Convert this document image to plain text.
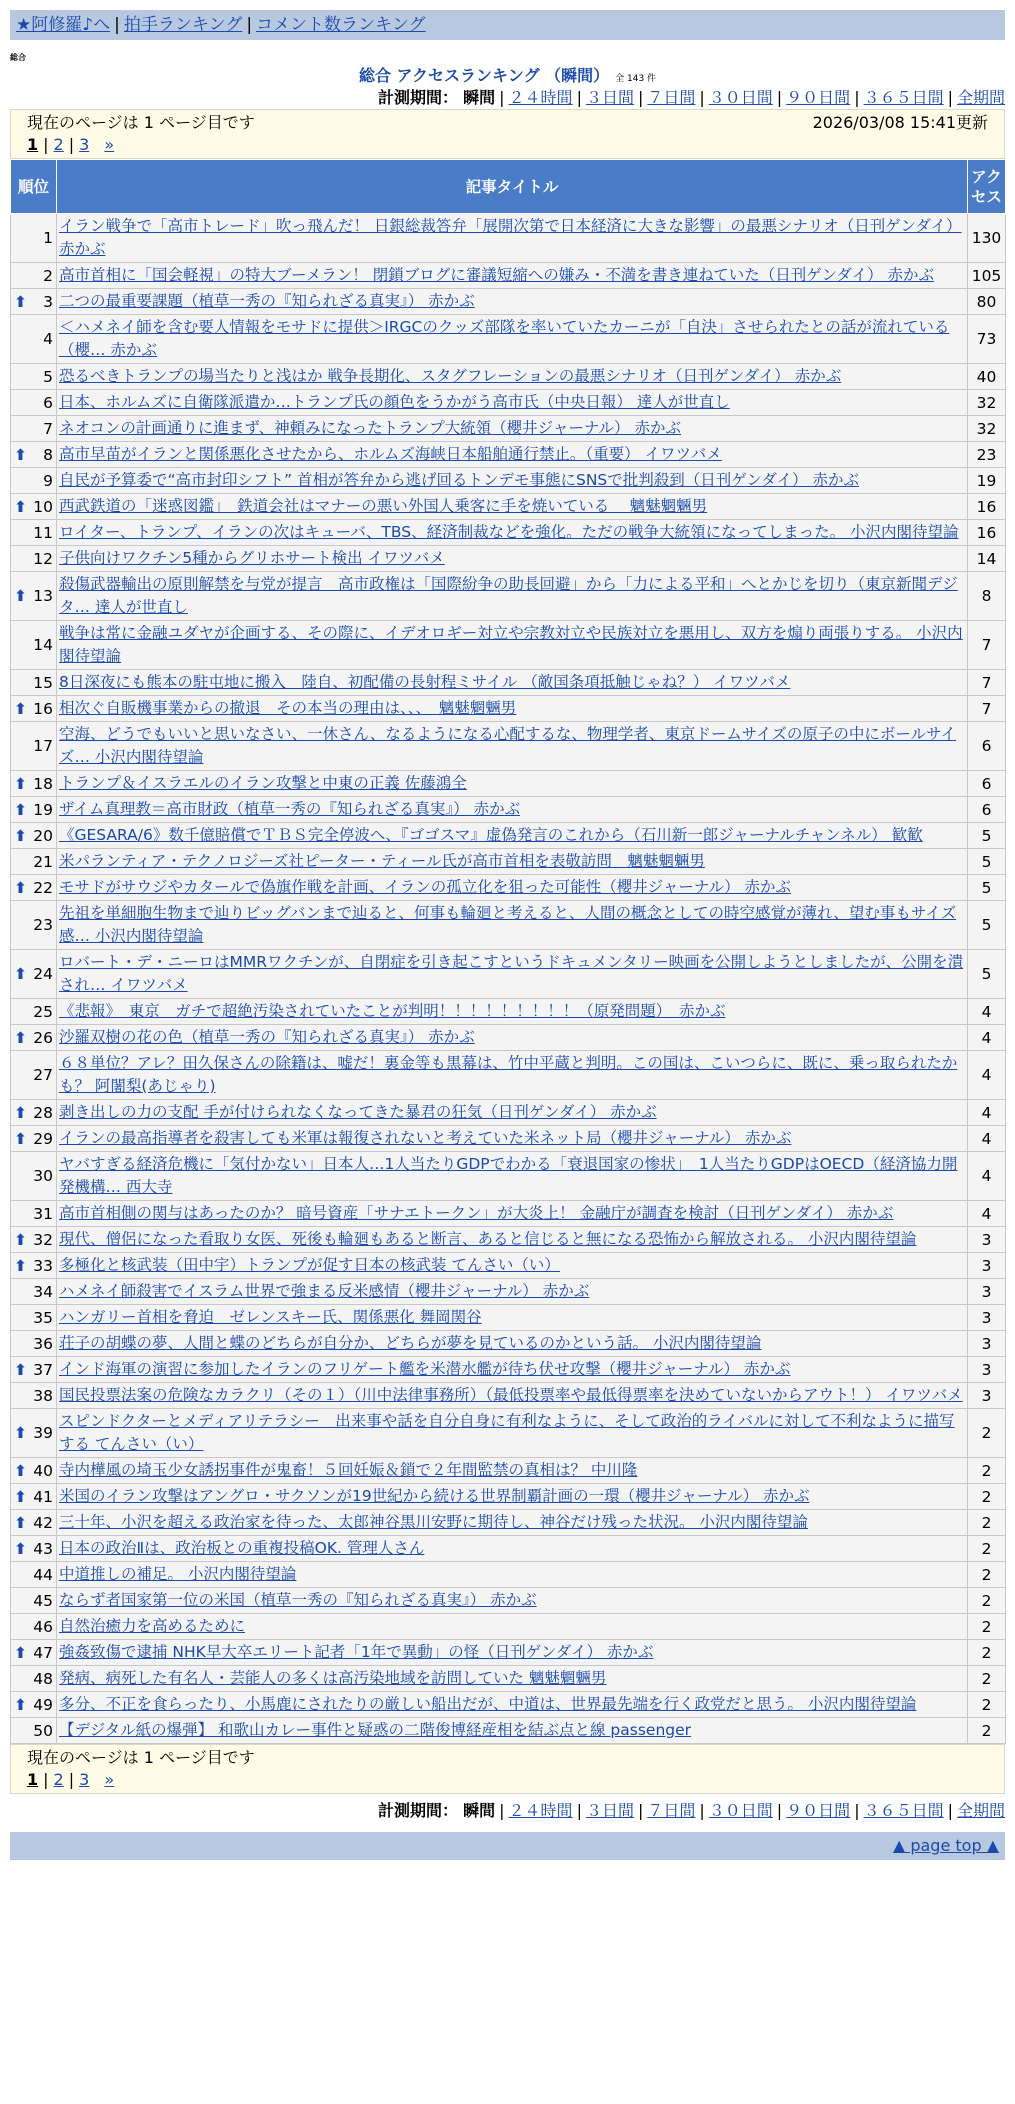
★阿修羅♪へ | 拍手ランキング | コメント数ランキング
総合
総合 アクセスランキング （瞬間） 全 143 件
計測期間： 瞬間 | ２４時間 | ３日間 | ７日間 | ３０日間 | ９０日間 | ３６５日間 | 全期間
現在のページは 1 ページ目です	2026/03/08 15:41更新
1 | 2 | 3 »
順位	記事タイトル	アクセス
1	イラン戦争で「高市トレード」吹っ飛んだ！ 日銀総裁答弁「展開次第で日本経済に大きな影響」の最悪シナリオ（日刊ゲンダイ） 赤かぶ	130
2	高市首相に「国会軽視」の特大ブーメラン！ 閉鎖ブログに審議短縮への嫌み・不満を書き連ねていた（日刊ゲンダイ） 赤かぶ	105

⬆ 3	二つの最重要課題（植草一秀の『知られざる真実』） 赤かぶ	80
4	＜ハメネイ師を含む要人情報をモサドに提供＞IRGCのクッズ部隊を率いていたカーニが「自決」させられたとの話が流れている（櫻… 赤かぶ	73
5	恐るべきトランプの場当たりと浅はか 戦争長期化、スタグフレーションの最悪シナリオ（日刊ゲンダイ） 赤かぶ	40
6	日本、ホルムズに自衛隊派遣か…トランプ氏の顔色をうかがう高市氏（中央日報） 達人が世直し	32
7	ネオコンの計画通りに進まず、神頼みになったトランプ大統領（櫻井ジャーナル） 赤かぶ	32

⬆ 8	高市早苗がイランと関係悪化させたから、ホルムズ海峡日本船舶通行禁止。（重要） イワツバメ	23
9	自民が予算委で“高市封印シフト” 首相が答弁から逃げ回るトンデモ事態にSNSで批判殺到（日刊ゲンダイ） 赤かぶ	19

⬆ 10	西武鉄道の「迷惑図鑑」　鉄道会社はマナーの悪い外国人乗客に手を焼いている　 魑魅魍魎男	16
11	ロイター、トランプ、イランの次はキューバ、TBS、経済制裁などを強化。ただの戦争大統領になってしまった。 小沢内閣待望論	16
12	子供向けワクチン5種からグリホサート検出 イワツバメ	14

⬆ 13	殺傷武器輸出の原則解禁を与党が提言　高市政権は「国際紛争の助長回避」から「力による平和」へとかじを切り（東京新聞デジタ… 達人が世直し	8
14	戦争は常に金融ユダヤが企画する、その際に、イデオロギー対立や宗教対立や民族対立を悪用し、双方を煽り両張りする。 小沢内閣待望論	7
15	8日深夜にも熊本の駐屯地に搬入　陸自、初配備の長射程ミサイル （敵国条項抵触じゃね？） イワツバメ	7

⬆ 16	相次ぐ自販機事業からの撤退　その本当の理由は、、、　魑魅魍魎男	7
17	空海、どうでもいいと思いなさい、一休さん、なるようになる心配するな、物理学者、東京ドームサイズの原子の中にボールサイズ… 小沢内閣待望論	6

⬆ 18	トランプ＆イスラエルのイラン攻撃と中東の正義 佐藤鴻全	6

⬆ 19	ザイム真理教＝高市財政（植草一秀の『知られざる真実』） 赤かぶ	6

⬆ 20	《GESARA/6》数千億賠償でＴＢＳ完全停波へ、『ゴゴスマ』虚偽発言のこれから（石川新一郎ジャーナルチャンネル） 歓歓	5
21	米パランティア・テクノロジーズ社ピーター・ティール氏が高市首相を表敬訪問　魑魅魍魎男	5

⬆ 22	モサドがサウジやカタールで偽旗作戦を計画、イランの孤立化を狙った可能性（櫻井ジャーナル） 赤かぶ	5
23	先祖を単細胞生物まで辿りビッグバンまで辿ると、何事も輪廻と考えると、人間の概念としての時空感覚が薄れ、望む事もサイズ感… 小沢内閣待望論	5

⬆ 24	ロバート・デ・ニーロはMMRワクチンが、自閉症を引き起こすというドキュメンタリー映画を公開しようとしましたが、公開を潰され… イワツバメ	5
25	《悲報》　東京　ガチで超絶汚染されていたことが判明！！！！！！！！！（原発問題）　赤かぶ	4

⬆ 26	沙羅双樹の花の色（植草一秀の『知られざる真実』） 赤かぶ	4
27	６８単位？アレ？田久保さんの除籍は、嘘だ！裏金等も黒幕は、竹中平蔵と判明。この国は、こいつらに、既に、乗っ取られたかも？ 阿闍梨(あじゃり)	4

⬆ 28	剥き出しの力の支配 手が付けられなくなってきた暴君の狂気（日刊ゲンダイ） 赤かぶ	4

⬆ 29	イランの最高指導者を殺害しても米軍は報復されないと考えていた米ネット局（櫻井ジャーナル） 赤かぶ	4
30	ヤバすぎる経済危機に「気付かない」日本人…1人当たりGDPでわかる「衰退国家の惨状」　1人当たりGDPはOECD（経済協力開発機構… 西大寺	4
31	高市首相側の関与はあったのか？ 暗号資産「サナエトークン」が大炎上！ 金融庁が調査を検討（日刊ゲンダイ） 赤かぶ	4

⬆ 32	現代、僧侶になった看取り女医、死後も輪廻もあると断言、あると信じると無になる恐怖から解放される。 小沢内閣待望論	3

⬆ 33	多極化と核武装（田中宇）トランプが促す日本の核武装 てんさい（い）	3
34	ハメネイ師殺害でイスラム世界で強まる反米感情（櫻井ジャーナル） 赤かぶ	3
35	ハンガリー首相を脅迫　ゼレンスキー氏、関係悪化 舞岡関谷	3
36	荘子の胡蝶の夢、人間と蝶のどちらが自分か、どちらが夢を見ているのかという話。 小沢内閣待望論	3

⬆ 37	インド海軍の演習に参加したイランのフリゲート艦を米潜水艦が待ち伏せ攻撃（櫻井ジャーナル） 赤かぶ	3
38	国民投票法案の危険なカラクリ（その１）（川中法律事務所）（最低投票率や最低得票率を決めていないからアウト！） イワツバメ	3

⬆ 39	スピンドクターとメディアリテラシー　出来事や話を自分自身に有利なように、そして政治的ライバルに対して不利なように描写する てんさい（い）	2

⬆ 40	寺内樺風の埼玉少女誘拐事件が鬼畜！５回妊娠＆鎖で２年間監禁の真相は？ 中川隆	2

⬆ 41	米国のイラン攻撃はアングロ・サクソンが19世紀から続ける世界制覇計画の一環（櫻井ジャーナル） 赤かぶ	2

⬆ 42	三十年、小沢を超える政治家を待った、太郎神谷黒川安野に期待し、神谷だけ残った状況。 小沢内閣待望論	2

⬆ 43	日本の政治Ⅱは、政治板との重複投稿OK. 管理人さん	2
44	中道推しの補足。 小沢内閣待望論	2
45	ならず者国家第一位の米国（植草一秀の『知られざる真実』） 赤かぶ	2
46	自然治癒力を高めるために	2

⬆ 47	強姦致傷で逮捕 NHK早大卒エリート記者「1年で異動」の怪（日刊ゲンダイ） 赤かぶ	2
48	発病、病死した有名人・芸能人の多くは高汚染地域を訪問していた 魑魅魍魎男	2

⬆ 49	多分、不正を食らったり、小馬鹿にされたりの厳しい船出だが、中道は、世界最先端を行く政党だと思う。 小沢内閣待望論	2
50	【デジタル紙の爆弾】 和歌山カレー事件と疑惑の二階俊博経産相を結ぶ点と線 passenger	2
現在のページは 1 ページ目です
1 | 2 | 3 »
計測期間： 瞬間 | ２４時間 | ３日間 | ７日間 | ３０日間 | ９０日間 | ３６５日間 | 全期間
▲ page top ▲
